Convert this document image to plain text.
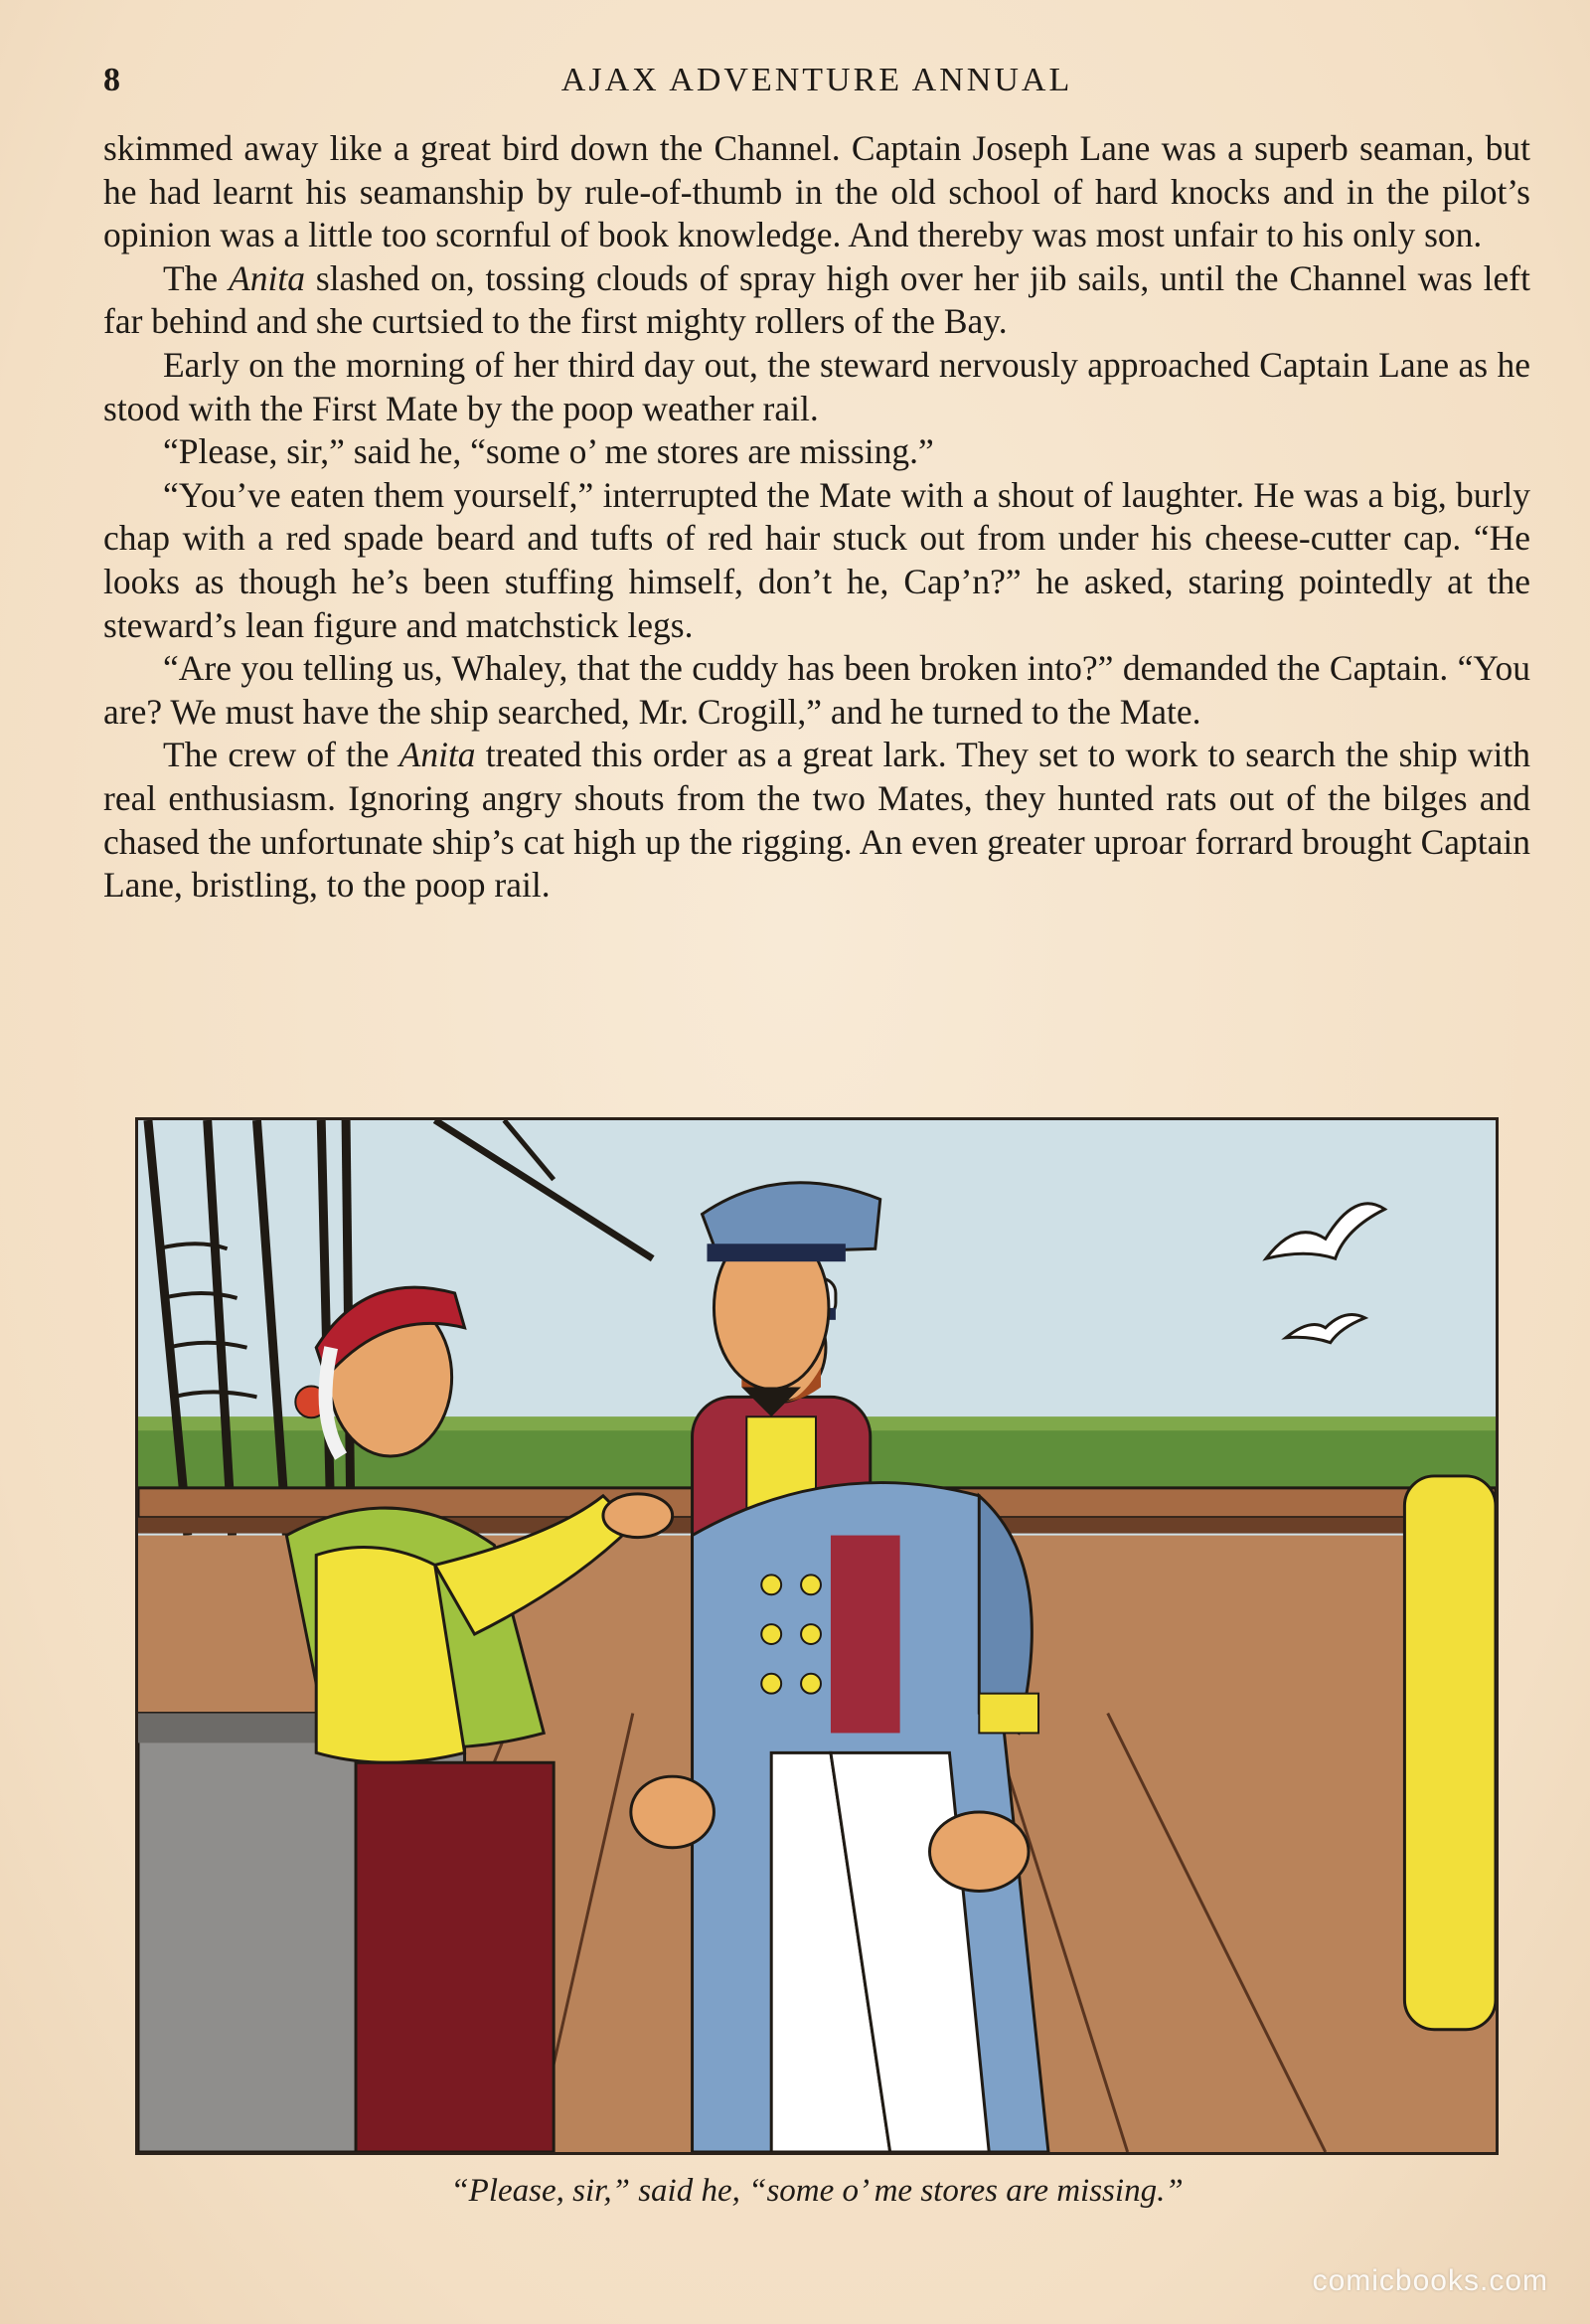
8	AJAX ADVENTURE ANNUAL

skimmed away like a great bird down the Channel. Captain Joseph Lane was a superb seaman, but he had learnt his seamanship by rule-of-thumb in the old school of hard knocks and in the pilot’s opinion was a little too scornful of book knowledge. And thereby was most unfair to his only son.

The Anita slashed on, tossing clouds of spray high over her jib sails, until the Channel was left far behind and she curtsied to the first mighty rollers of the Bay.

Early on the morning of her third day out, the steward nervously approached Captain Lane as he stood with the First Mate by the poop weather rail.

“Please, sir,” said he, “some o’ me stores are missing.”

“You’ve eaten them yourself,” interrupted the Mate with a shout of laughter. He was a big, burly chap with a red spade beard and tufts of red hair stuck out from under his cheese-cutter cap. “He looks as though he’s been stuffing himself, don’t he, Cap’n?” he asked, staring pointedly at the steward’s lean figure and matchstick legs.

“Are you telling us, Whaley, that the cuddy has been broken into?” demanded the Captain. “You are? We must have the ship searched, Mr. Crogill,” and he turned to the Mate.

The crew of the Anita treated this order as a great lark. They set to work to search the ship with real enthusiasm. Ignoring angry shouts from the two Mates, they hunted rats out of the bilges and chased the unfortunate ship’s cat high up the rigging. An even greater uproar forrard brought Captain Lane, bristling, to the poop rail.

“Please, sir,” said he, “some o’ me stores are missing.”
comicbooks.com
